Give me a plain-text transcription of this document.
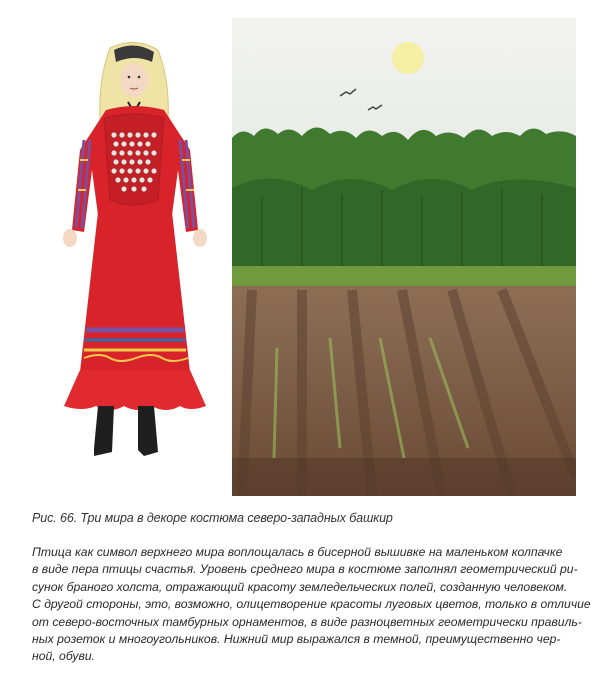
Рис. 66. Три мира в декоре костюма северо-западных башкир
Птица как символ верхнего мира воплощалась в бисерной вышивке на маленьком колпачке
в виде пера птицы счастья. Уровень среднего мира в костюме заполнял геометрический ри-
сунок браного холста, отражающий красоту земледельческих полей, созданную человеком.
С другой стороны, это, возможно, олицетворение красоты луговых цветов, только в отличие
от северо-восточных тамбурных орнаментов, в виде разноцветных геометрически правиль-
ных розеток и многоугольников. Нижний мир выражался в темной, преимущественно чер-
ной, обуви.
